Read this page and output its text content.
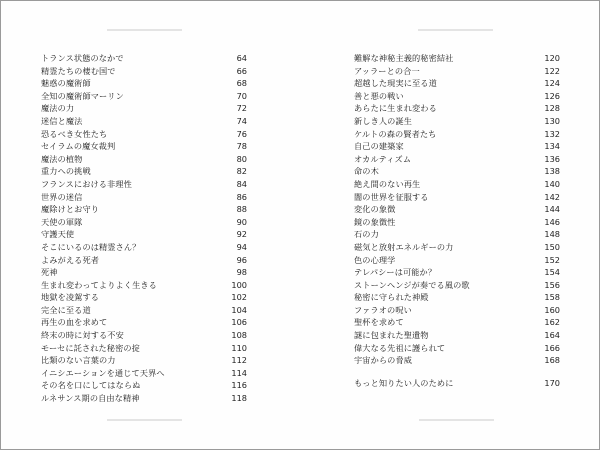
トランス状態のなかで	64
精霊たちの棲む国で	66
魅惑の魔術師	68
全知の魔術師マーリン	70
魔法の力	72
迷信と魔法	74
恐るべき女性たち	76
セイラムの魔女裁判	78
魔法の植物	80
重力への挑戦	82
フランスにおける非理性	84
世界の迷信	86
魔除けとお守り	88
天使の軍隊	90
守護天使	92
そこにいるのは精霊さん？	94
よみがえる死者	96
死神	98
生まれ変わってよりよく生きる	100
地獄を凌駕する	102
完全に至る道	104
再生の血を求めて	106
終末の時に対する不安	108
モーセに託された秘密の掟	110
比類のない言葉の力	112
イニシエーションを通じて天界へ	114
その名を口にしてはならぬ	116
ルネサンス期の自由な精神	118
難解な神秘主義的秘密結社	120
アッラーとの合一	122
超越した現実に至る道	124
善と悪の戦い	126
あらたに生まれ変わる	128
新しき人の誕生	130
ケルトの森の賢者たち	132
自己の建築家	134
オカルティズム	136
命の木	138
絶え間のない再生	140
闇の世界を征服する	142
変化の象徴	144
鏡の象徴性	146
石の力	148
磁気と放射エネルギーの力	150
色の心理学	152
テレパシーは可能か？	154
ストーンヘンジが奏でる風の歌	156
秘密に守られた神殿	158
ファラオの呪い	160
聖杯を求めて	162
謎に包まれた聖遺物	164
偉大なる先祖に護られて	166
宇宙からの脅威	168
もっと知りたい人のために	170
